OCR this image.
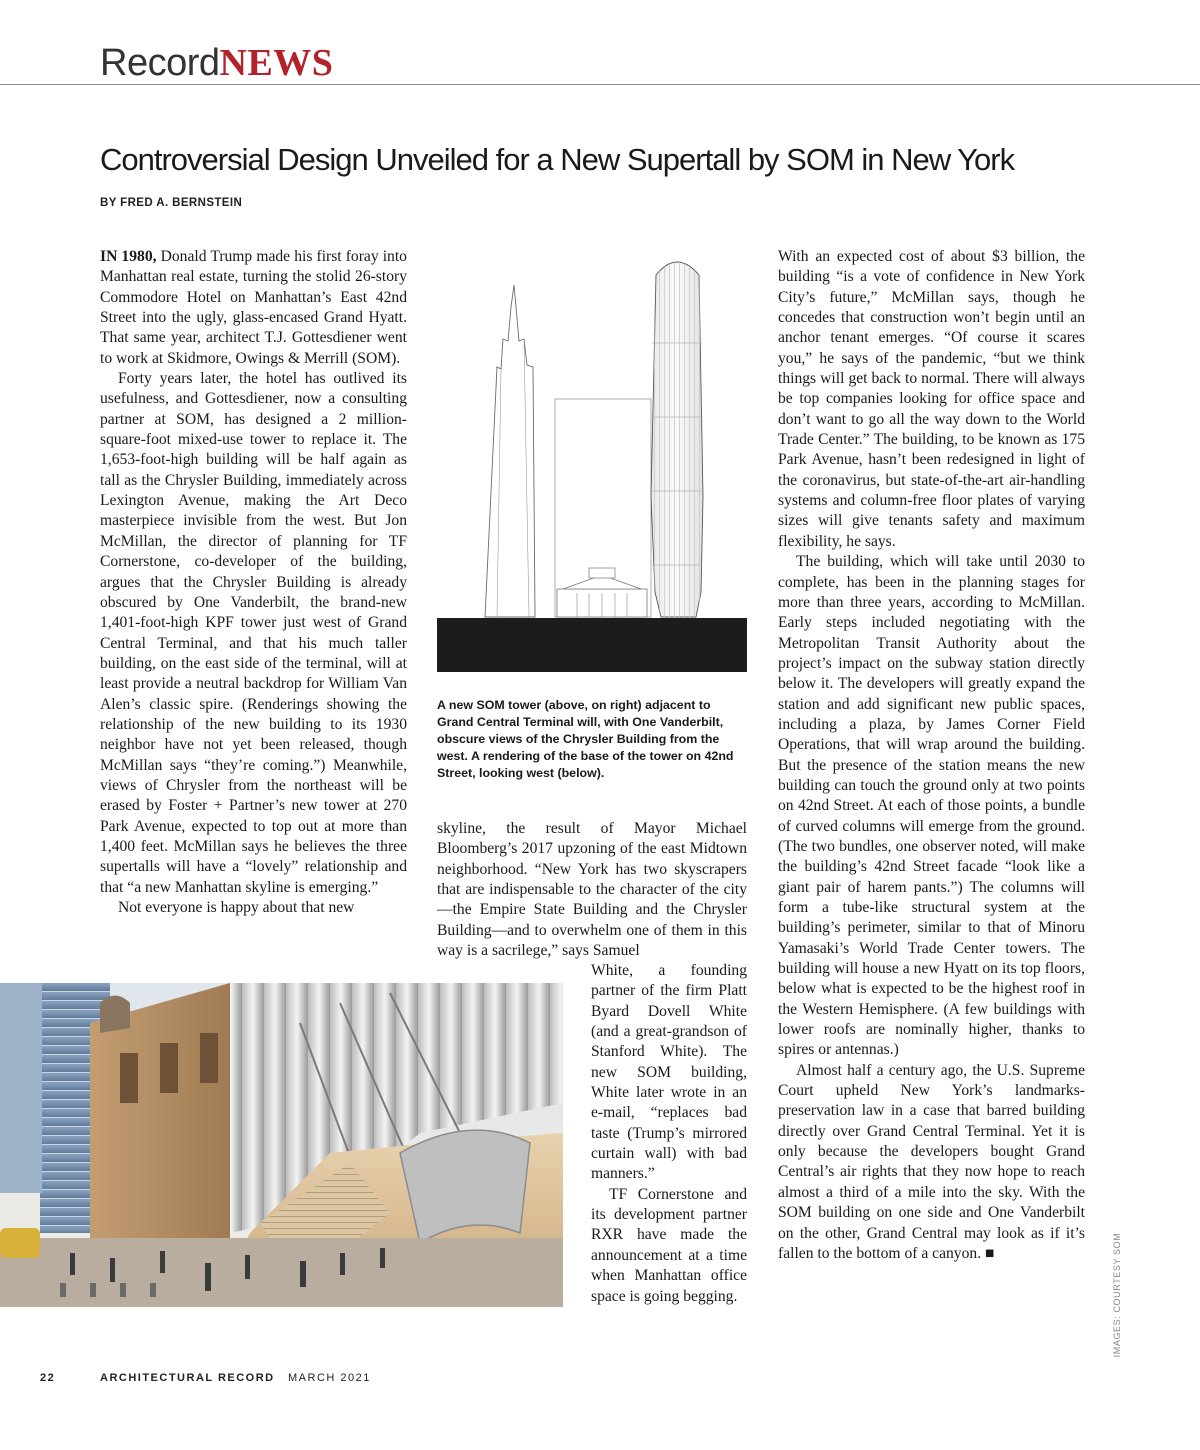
RecordNEWS
Controversial Design Unveiled for a New Supertall by SOM in New York
BY FRED A. BERNSTEIN

IN 1980, Donald Trump made his first foray into Manhattan real estate, turning the stolid 26-story Commodore Hotel on Manhattan’s East 42nd Street into the ugly, glass-encased Grand Hyatt. That same year, architect T.J. Gottesdiener went to work at Skidmore, Owings & Merrill (SOM).

Forty years later, the hotel has outlived its usefulness, and Gottesdiener, now a consulting partner at SOM, has designed a 2 million-square-foot mixed-use tower to replace it. The 1,653-foot-high building will be half again as tall as the Chrysler Building, immediately across Lexington Avenue, making the Art Deco masterpiece invisible from the west. But Jon McMillan, the director of planning for TF Cornerstone, co-developer of the building, argues that the Chrysler Building is already obscured by One Vanderbilt, the brand-new 1,401-foot-high KPF tower just west of Grand Central Terminal, and that his much taller building, on the east side of the terminal, will at least provide a neutral backdrop for William Van Alen’s classic spire. (Renderings showing the relationship of the new building to its 1930 neighbor have not yet been released, though McMillan says “they’re coming.”) Meanwhile, views of Chrysler from the northeast will be erased by Foster + Partner’s new tower at 270 Park Avenue, expected to top out at more than 1,400 feet. McMillan says he believes the three supertalls will have a “lovely” relationship and that “a new Manhattan skyline is emerging.”

Not everyone is happy about that new

A new SOM tower (above, on right) adjacent to Grand Central Terminal will, with One Vanderbilt, obscure views of the Chrysler Building from the west. A rendering of the base of the tower on 42nd Street, looking west (below).

skyline, the result of Mayor Michael Bloomberg’s 2017 upzoning of the east Midtown neighborhood. “New York has two skyscrapers that are indispensable to the character of the city—the Empire State Building and the Chrysler Building—and to overwhelm one of them in this way is a sacrilege,” says Samuel

White, a founding partner of the firm Platt Byard Dovell White (and a great-grandson of Stanford White). The new SOM building, White later wrote in an e-mail, “replaces bad taste (Trump’s mirrored curtain wall) with bad manners.”

TF Cornerstone and its development partner RXR have made the announcement at a time when Manhattan office space is going begging.

With an expected cost of about $3 billion, the building “is a vote of confidence in New York City’s future,” McMillan says, though he concedes that construction won’t begin until an anchor tenant emerges. “Of course it scares you,” he says of the pandemic, “but we think things will get back to normal. There will always be top companies looking for office space and don’t want to go all the way down to the World Trade Center.” The building, to be known as 175 Park Avenue, hasn’t been redesigned in light of the coronavirus, but state-of-the-art air-handling systems and column-free floor plates of varying sizes will give tenants safety and maximum flexibility, he says.

The building, which will take until 2030 to complete, has been in the planning stages for more than three years, according to McMillan. Early steps included negotiating with the Metropolitan Transit Authority about the project’s impact on the subway station directly below it. The developers will greatly expand the station and add significant new public spaces, including a plaza, by James Corner Field Operations, that will wrap around the building. But the presence of the station means the new building can touch the ground only at two points on 42nd Street. At each of those points, a bundle of curved columns will emerge from the ground. (The two bundles, one observer noted, will make the building’s 42nd Street facade “look like a giant pair of harem pants.”) The columns will form a tube-like structural system at the building’s perimeter, similar to that of Minoru Yamasaki’s World Trade Center towers. The building will house a new Hyatt on its top floors, below what is expected to be the highest roof in the Western Hemisphere. (A few buildings with lower roofs are nominally higher, thanks to spires or antennas.)

Almost half a century ago, the U.S. Supreme Court upheld New York’s landmarks-preservation law in a case that barred building directly over Grand Central Terminal. Yet it is only because the developers bought Grand Central’s air rights that they now hope to reach almost a third of a mile into the sky. With the SOM building on one side and One Vanderbilt on the other, Grand Central may look as if it’s fallen to the bottom of a canyon. ■	IMAGES: COURTESY SOM
22	ARCHITECTURAL RECORD MARCH 2021
